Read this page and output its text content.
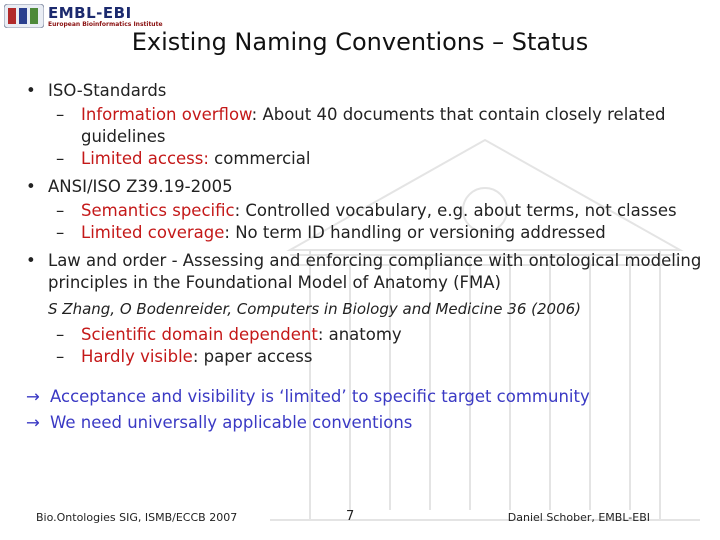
EMBL-EBI
European Bioinformatics Institute
Existing Naming Conventions – Status
• ISO-Standards
– Information overflow: About 40 documents that contain closely related guidelines
– Limited access: commercial
• ANSI/ISO Z39.19-2005
– Semantics specific: Controlled vocabulary, e.g. about terms, not classes
– Limited coverage: No term ID handling or versioning addressed
• Law and order - Assessing and enforcing compliance with ontological modeling principles in the Foundational Model of Anatomy (FMA)
S Zhang, O Bodenreider, Computers in Biology and Medicine 36 (2006)
– Scientific domain dependent: anatomy
– Hardly visible: paper access
→ Acceptance and visibility is ‘limited’ to specific target community
→ We need universally applicable conventions
Bio.Ontologies SIG, ISMB/ECCB 2007	7	Daniel Schober, EMBL-EBI
